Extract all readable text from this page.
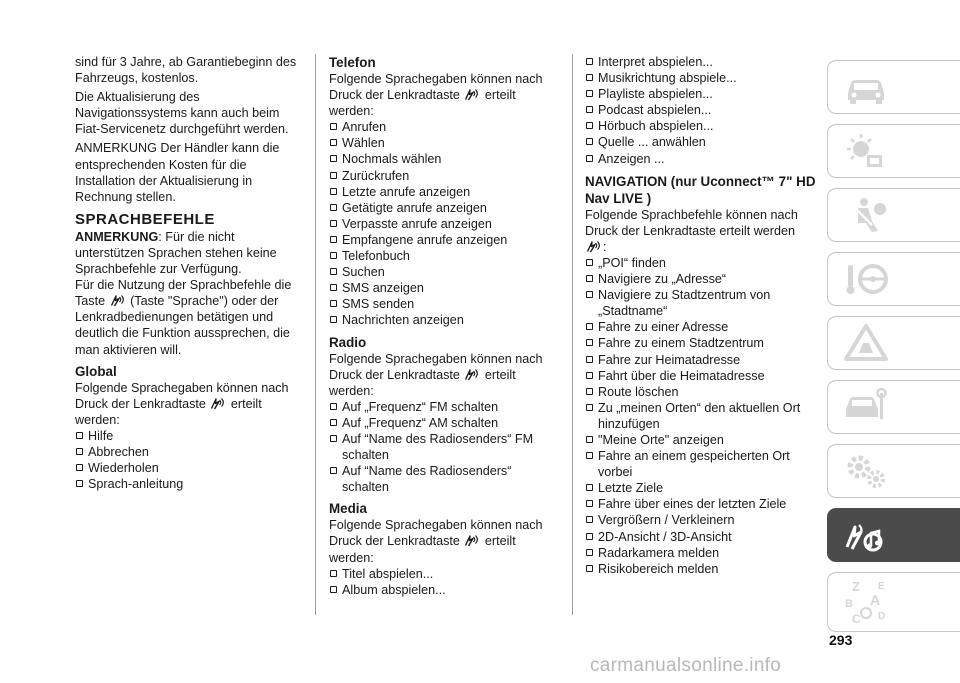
sind für 3 Jahre, ab Garantiebeginn des Fahrzeugs, kostenlos.

Die Aktualisierung des Navigationssystems kann auch beim Fiat-Servicenetz durchgeführt werden.

ANMERKUNG Der Händler kann die entsprechenden Kosten für die Installation der Aktualisierung in Rechnung stellen.

SPRACHBEFEHLE

ANMERKUNG: Für die nicht unterstützen Sprachen stehen keine Sprachbefehle zur Verfügung.

Für die Nutzung der Sprachbefehle die Taste (Taste "Sprache") oder der Lenkradbedienungen betätigen und deutlich die Funktion aussprechen, die man aktivieren will.

Global

Folgende Sprachegaben können nach Druck der Lenkradtaste erteilt werden:

Hilfe
Abbrechen
Wiederholen
Sprach-anleitung
Telefon

Folgende Sprachegaben können nach Druck der Lenkradtaste erteilt werden:

Anrufen
Wählen
Nochmals wählen
Zurückrufen
Letzte anrufe anzeigen
Getätigte anrufe anzeigen
Verpasste anrufe anzeigen
Empfangene anrufe anzeigen
Telefonbuch
Suchen
SMS anzeigen
SMS senden
Nachrichten anzeigen
Radio

Folgende Sprachegaben können nach Druck der Lenkradtaste erteilt werden:

Auf „Frequenz“ FM schalten
Auf „Frequenz“ AM schalten
Auf “Name des Radiosenders“ FM schalten
Auf “Name des Radiosenders“ schalten
Media

Folgende Sprachegaben können nach Druck der Lenkradtaste erteilt werden:

Titel abspielen...
Album abspielen...
Interpret abspielen...
Musikrichtung abspiele...
Playliste abspielen...
Podcast abspielen...
Hörbuch abspielen...
Quelle ... anwählen
Anzeigen ...
NAVIGATION (nur Uconnect™ 7" HD Nav LIVE )

Folgende Sprachbefehle können nach Druck der Lenkradtaste erteilt werden

:

„POI“ finden
Navigiere zu „Adresse“
Navigiere zu Stadtzentrum von „Stadtname“
Fahre zu einer Adresse
Fahre zu einem Stadtzentrum
Fahre zur Heimatadresse
Fahrt über die Heimatadresse
Route löschen
Zu „meinen Orten“ den aktuellen Ort hinzufügen
"Meine Orte" anzeigen
Fahre an einem gespeicherten Ort vorbei
Letzte Ziele
Fahre über eines der letzten Ziele
Vergrößern / Verkleinern
2D-Ansicht / 3D-Ansicht
Radarkamera melden
Risikobereich melden
Z E
B A
C D
293
carmanualsonline.info
